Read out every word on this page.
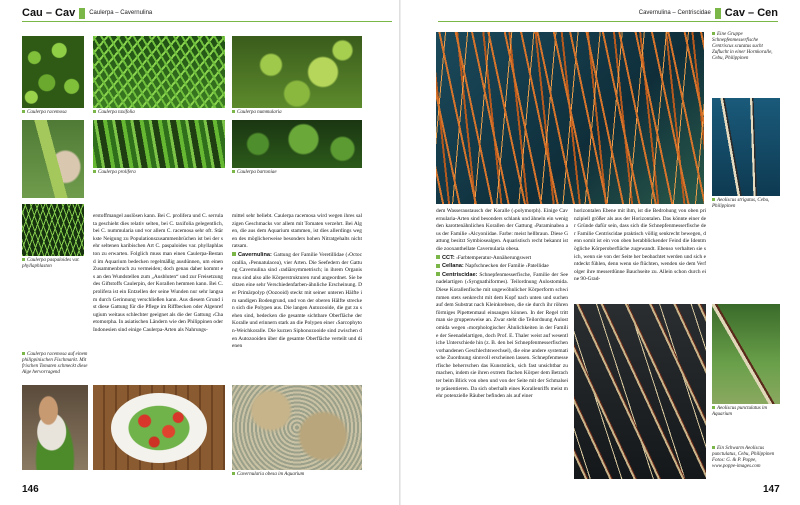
Cau – Cav Caulerpa – Cavernulina	Cavernulina – Centriscidae Cav – Cen
Caulerpa racemosa	Caulerpa taxifolia	Caulerpa nummularia
Caulerpa prolifera	Caulerpa bartoniae
Caulerpa paspaloides var. phyllaphlaston
Caulerpa racemosa auf einem philippinischen Fischmarkt. Mit frischen Tomaten schmeckt diese Alge hervorragend
Cavernularia obesa im Aquarium

erstoffmangel auslösen kann. Bei C. prolifera und C. serrulata geschieht dies relativ selten, bei C. taxifolia gelegentlich, bei C. nummularia und vor allem C. racemosa sehr oft. Stärkste Neigung zu Populationszusammenbrüchen ist bei der sehr seltenen karibischen Art C. paspaloides var. phyllaphlaston zu erwarten. Folglich muss man einen Caulerpa-Bestand im Aquarium bedecken regelmäßig ausdünnen, um einen Zusammenbruch zu vermeiden; doch genau daher kommt es an den Wundstellen zum „Ausbluten“ und zur Freisetzung des Giftstoffs Caulerpin, der Korallen hemmen kann. Bei C. prolifera ist ein Entzellen der seine Wunden nur sehr langsam durch Gerinnung verschließen kann. Aus diesem Grund ist diese Gattung für die Pflege im Riffbecken oder Algenrefugium weitaus schlechter geeignet als die der Gattung ›Chaetomorpha. In asiatischen Ländern wie den Philippinen oder Indonesien sind einige Caulerpa-Arten als Nahrungs-

mittel sehr beliebt. Caulerpa racemosa wird wegen ihres salzigen Geschmacks vor allem mit Tomaten verzehrt. Bei Algen, die aus dem Aquarium stammen, ist dies allerdings wegen des möglicherweise besonders hohen Nitratgehalts nicht ratsam.

Cavernulina: Gattung der Familie Veretillidae (›Octocorallia, ›Pennatulacea), vier Arten. Die Seefedern der Gattung Cavernulina sind ›radiärsymmetrisch; in ihrem Organismus sind also alle Körperstrukturen rund angeordnet. Sie besitzen eine sehr Verschiedenfarben-ähnliche Erscheinung. Der Primärpolyp (Oozooid) steckt mit seiner unteren Hälfte im sandigen Bodengrund, und von der oberen Hälfte strecken sich die Polypen aus. Die langen Autozooide, die gut zu sehen sind, bedecken die gesamte sichtbare Oberfläche der Koralle und erinnern stark an die Polypen einer ›Sarcophyton-Weichkoralle. Die kurzen Siphonozooide sind zwischen den Autozooiden über die gesamte Oberfläche verteilt und dienen

146
Eine Gruppe Schnepfenmesserfische Centriscus scutatus sucht Zuflucht in einer Hornkoralle, Cebu, Philippinen
Aeoliscus strigatus, Cebu, Philippinen

dem Wasseraustausch der Koralle (›polymorph). Einige Cavernularia-Arten sind besonders schlank und ähneln ein wenig den karottenähnlichen Korallen der Gattung ›Paraminabea aus der Familie ›Alcyoniidae. Farbe: meist hellbraun. Diese Gattung besitzt Symbiosealgen. Aquaristisch recht bekannt ist die zooxanthellate Cavernularia obesa.

CCT: ›Farbtemperatur-Annäherungswert

Cellana: Napfschnecken der Familie ›Patellidae

Centriscidae: Schnepfenmesserfische, Familie der Seenadelartigen (›Syngnathiformes). Teilordnung Aulostomida. Diese Korallenfische mit ungewöhnlicher Körperform schwimmen stets senkrecht mit dem Kopf nach unten und suchen auf dem Substrat nach Kleinkrebsen, die sie durch ihr röhrenförmiges Pipettenmaul einsaugen können. In der Regel tritt man sie gruppenweise an. Zwar steht die Teilordnung Aulostomida wegen ›morphologischer Ähnlichkeiten in der Familie der Seenadelartigen, doch Prof. E. Thaler weist auf wesentliche Unterschiede hin (z. B. den bei Schnepfenmesserfischen vorhandenen Geschlechtswechsel), die eine andere systematische Zuordnung sinnvoll erscheinen lassen. Schnepfenmesserfische beherrschen das Kunststück, sich fast unsichtbar zu machen, indem sie ihren extrem flachen Körper dem Betrachter beim Blick von oben und von der Seite mit der Schmalseite präsentieren. Da sich oberhalb eines Korallenriffs meist mehr potenzielle Räuber befinden als auf einer

horizontalen Ebene mit ihm, ist die Bedrohung von oben prinzipiell größer als aus der Horizontalen. Das könnte einer der Gründe dafür sein, dass sich die Schnepfenmesserfische der Familie Centriscidae praktisch völlig senkrecht bewegen, denn somit ist ein von oben herabblickender Feind die Identmögliche Körperoberfläche zugewandt. Ebenso verhalten sie sich, wenn sie von der Seite her beobachtet werden und sich entdeckt fühlen, denn wenn sie flüchten, wenden sie dem Verfolger ihre messerdünne Bauchseite zu. Allein schon durch eine 90-Grad-

Aeoliscus punctulatus im Aquarium
Ein Schwarm Aeoliscus punctulatus, Cebu, Philippinen Fotos: G. & P. Poppe, www.poppe-images.com
147
